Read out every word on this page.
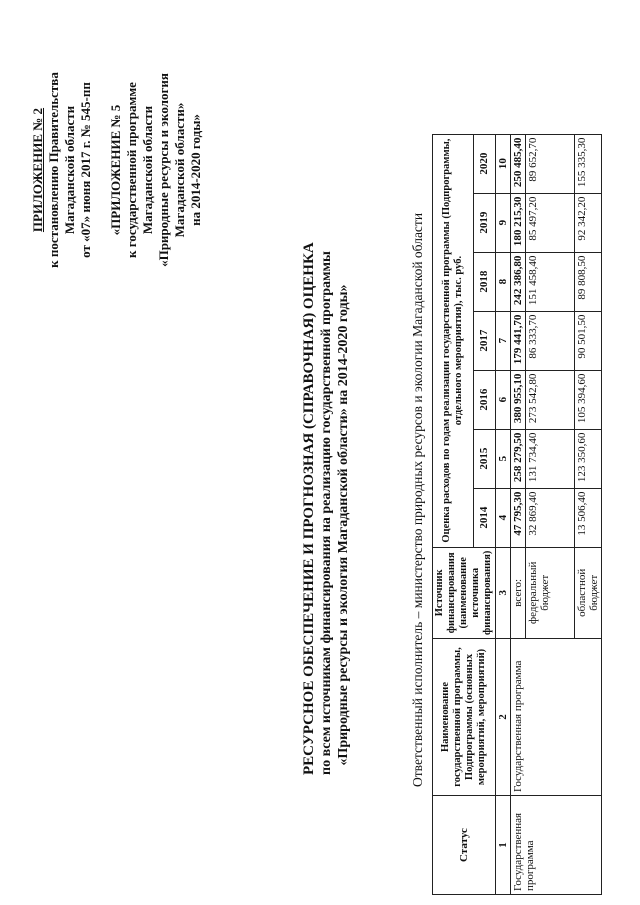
ПРИЛОЖЕНИЕ № 2 к постановлению Правительства Магаданской области от «07» июня 2017 г. № 545-пп «ПРИЛОЖЕНИЕ № 5 к государственной программе Магаданской области «Природные ресурсы и экология Магаданской области» на 2014-2020 годы»
РЕСУРСНОЕ ОБЕСПЕЧЕНИЕ И ПРОГНОЗНАЯ (СПРАВОЧНАЯ) ОЦЕНКА по всем источникам финансирования на реализацию государственной программы «Природные ресурсы и экология Магаданской области» на 2014-2020 годы»	Ответственный исполнитель – министерство природных ресурсов и экологии Магаданской области
Статус	Наименование государственной программы, Подпрограммы (основных мероприятий, мероприятий)	Источник финансирования (наименование источника финансирования)	Оценка расходов по годам реализации государственной программы (Подпрограммы, отдельного мероприятия), тыс. руб.						
			2014	2015	2016	2017	2018	2019	2020
1	2	3	4	5	6	7	8	9	10
Государственная программа	Государственная программа	всего:	47 795,30	258 279,50	380 955,10	179 441,70	242 386,80	180 215,30	250 485,40
		федеральный бюджет	32 869,40	131 734,40	273 542,80	86 333,70	151 458,40	85 497,20	89 652,70
		областной бюджет	13 506,40	123 350,60	105 394,60	90 501,50	89 808,50	92 342,20	155 335,30
